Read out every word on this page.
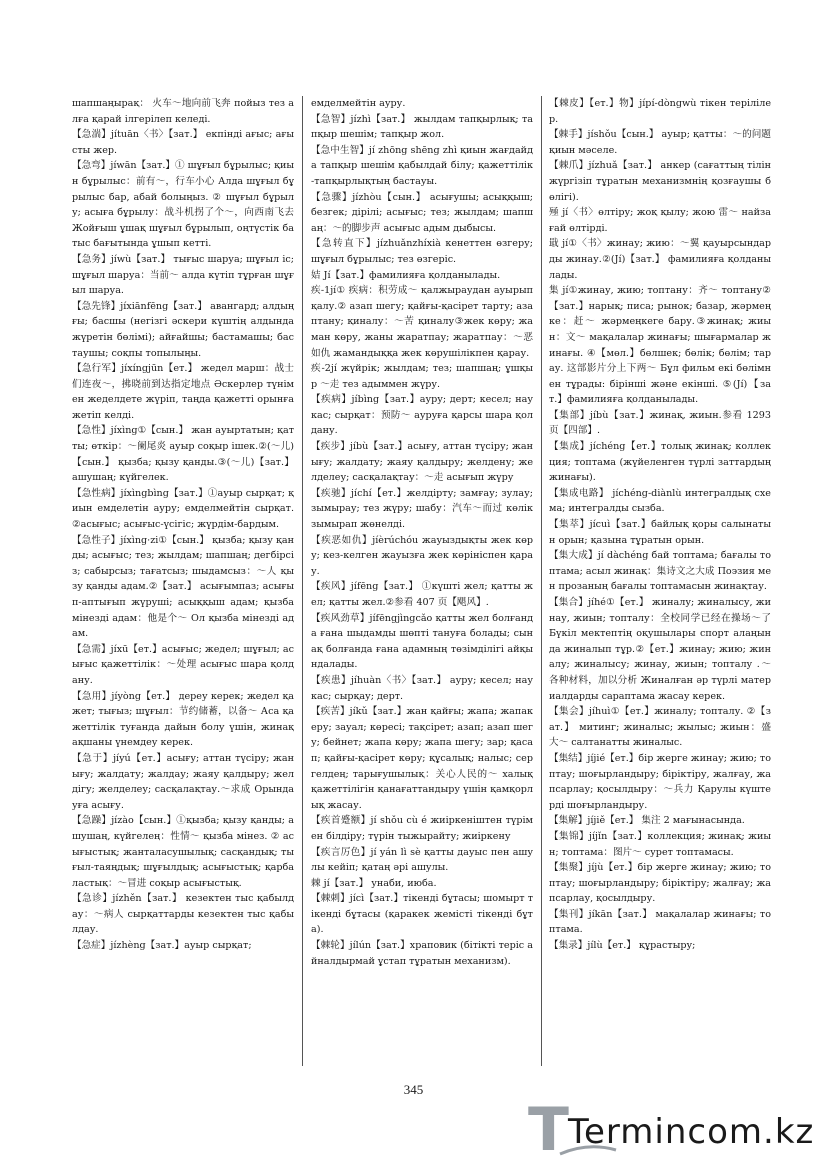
шапшаңырақ： 火车～地向前飞奔 пойыз тез алға қарай ілгерілеп келеді.

【急湍】jítuān〈书〉【зат.】 екпінді ағыс; ағысты жер.

【急弯】jíwān【зат.】① шұғыл бұрылыс; қиын бұрылыс：前有～，行车小心 Алда шұғыл бұрылыс бар, абай болыңыз. ② шұғыл бұрылу; асыға бұрылу：战斗机拐了个～，向西南飞去 Жойғыш ұшақ шұғыл бұрылып, оңтүстік батыс бағытында ұшып кетті.

【急务】jíwù【зат.】 тығыс шаруа; шұғыл іс; шұғыл шаруа：当前～ алда күтіп тұрған шұғыл шаруа.

【急先锋】jíxiānfēng【зат.】 авангард; алдыңғы; басшы (негізгі әскери күштің алдында жүретін бөлімі); айғайшы; бастамашы; бастаушы; соқпы топылыңы.

【急行军】jíxíngjūn【ет.】 жедел марш：战士们连夜～，拂晓前到达指定地点 Әскерлер түнімен жеделдете жүріп, таңда қажетті орынға жетіп келді.

【急性】jíxìng①【сын.】 жан ауыртатын; қатты; өткір：～阑尾炎 ауыр соқыр ішек.②(～儿)【сын.】 қызба; қызу қанды.③(～儿)【зат.】 ашушаң; күйгелек.

【急性病】jíxìngbìng【зат.】①ауыр сырқат; қиын емделетін ауру; емделмейтін сырқат.②асығыс; асығыс-үсігіс; жүрдім-бардым.

【急性子】jíxìng·zi①【сын.】 қызба; қызу қанды; асығыс; тез; жылдам; шапшаң; дегбірсіз; сабырсыз; тағатсыз; шыдамсыз：～人 қызу қанды адам.②【зат.】 асығымпаз; асығып-аптығып жүрушi; асыққыш адам; қызба мінезді адам：他是个～ Ол қызба мінезді адам.

【急需】jíxū【ет.】асығыс; жедел; шұғыл; асығыс қажеттілік：～处理 асығыс шара қолдану.

【急用】jíyòng【ет.】 дереу керек; жедел қажет; тығыз; шұғыл：节约储蓄，以备～ Аса қажеттілік туғанда дайын болу үшін, жинақ ақшаны үнемдеу керек.

【急于】jíyú【ет.】асығу; аттан түсіру; жанығу; жалдату; жалдау; жаяу қалдыру; желдігу; желделеу; сасқалақтау.～求成 Орындауға асығу.

【急躁】jízào【сын.】①қызба; қызу қанды; ашушаң, күйгелең：性情～ қызба мінез. ② асығыстық; жанталасушылық; сасқандық; тығыл-таяңдық; шұғылдық; асығыстық; қарбаластық：～冒进 соқыр асығыстық.

【急诊】jízhěn【зат.】 кезектен тыс қабылдау：～病人 сырқаттарды кезектен тыс қабылдау.

【急症】jízhèng【зат.】ауыр сырқат;

емделмейтін ауру.

【急智】jízhì【зат.】 жылдам тапқырлық; тапқыр шешім; тапқыр жол.

【急中生智】jí zhōng shēng zhì қиын жағдайда тапқыр шешім қабылдай білу; қажеттілік-тапқырлықтың бастауы.

【急骤】jízhòu【сын.】 асығушы; асыққыш; безгек; дірілі; асығыс; тез; жылдам; шапшаң：～的脚步声 асығыс адым дыбысы.

【急转直下】jízhuǎnzhíxià кенеттен өзгеру; шұғыл бұрылыс; тез өзгеріс.

姞 Jí【зат.】фамилияға қолданылады.

疾-1jí① 疾病：积劳成～ қалжыраудан ауырып қалу.② азап шегу; қайғы-қасірет тарту; азаптану; қиналу：～苦 қиналу③жек көру; жаман көру, жаны жаратпау; жаратпау：～恶如仇 жамандыққа жек көрушілікпен қарау.

疾-2jí жүйрік; жылдам; тез; шапшаң; ұшқыр ～走 тез адыммен жүру.

【疾病】jíbìng【зат.】ауру; дерт; кесел; наукас; сырқат：预防～ ауруға қарсы шара қолдану.

【疾步】jíbù【зат.】асығу, аттан түсіру; жанығу; жалдату; жаяу қалдыру; желдену; желделеу; сасқалақтау：～走 асығып жүру

【疾驰】jíchí【ет.】желдірту; замғау; зулау; зымырау; тез жүру; шабу：汽车～而过 көлік зымырап жөнелді.

【疾恶如仇】jíèrúchóu жауыздықты жек көру; кез-келген жауызға жек көрініспен қарау.

【疾风】jífēng【зат.】 ①күшті жел; қатты жел; қатты жел.②参看 407 页【飓风】.

【疾风劲草】jífēngjìngcǎo қатты жел болғанда ғана шыдамды шөпті тануға болады; сынақ болғанда ғана адамның төзімділігі айқындалады.

【疾患】jíhuàn〈书〉【зат.】 ауру; кесел; наукас; сырқау; дерт.

【疾苦】jíkǔ【зат.】жан қайғы; жапа; жапакеру; зауал; көресі; тақсірет; азап; азап шегу; бейнет; жапа көру; жапа шегу; зар; қасап; қайғы-қасірет көру; құсалық; налыс; сергелдең; тарығушылық：关心人民的～ халық қажеттілігін қанағаттандыру үшін қамқорлық жасау.

【疾首蹙额】jí shǒu cù é жиіркеніштен түрімен білдіру; түрін тыжырайту; жиіркену

【疾言厉色】jí yán lì sè қатты дауыс пен ашулы кейіп; қатаң әрі ашулы.

棘 jí【зат.】 унаби, июба.

【棘刺】jícì【зат.】тікенді бұтасы; шомырт тікенді бұтасы (қаракек жемісті тікенді бұта).

【棘轮】jílún【зат.】храповик (бітікті теріс айналдырмай ұстап тұратын механизм).

【棘皮】【ет.】物】jípí-dòngwù тікен терілілер.

【棘手】jíshǒu【сын.】 ауыр; қатты：～的问题 қиын мәселе.

【棘爪】jízhuǎ【зат.】 анкер (сағаттың тілін жүргізіп тұратын механизмнің қозғаушы бөлігі).

殛 jí〈书〉өлтіру; жоқ қылу; жою 雷～ найзағай өлтірді.

戢 jí①〈书〉жинау; жию：～翼 қауырсындарды жинау.②(Jí)【зат.】 фамилияға қолданылады.

集 jí①жинау, жию; топтану：齐～ топтану②【зат.】нарық; писа; рынок; базар, жәрмеңке：赶～ жәрмеңкеге бару.③жинақ; жиын：文～ мақалалар жинағы; шығармалар жинағы. ④【мөл.】бөлшек; бөлік; бөлім; тарау. 这部影片分上下两～ Бұл фильм екі бөлімнен тұрады: бірінші және екінші. ⑤(Jí)【зат.】фамилияға қолданылады.

【集部】jíbù【зат.】жинақ, жиын.参看 1293 页【四部】.

【集成】jíchéng【ет.】толық жинақ; коллекция; топтама (жүйеленген түрлі заттардың жинағы).

【集成电路】 jíchéng-diànlù интегралдық схема; интегралды сызба.

【集萃】jícuì【зат.】байлық қоры салынатын орын; қазына тұратын орын.

【集大成】jí dàchéng бай топтама; бағалы топтама; асыл жинақ：集诗文之大成 Поэзия мен прозаның бағалы топтамасын жинақтау.

【集合】jíhé①【ет.】 жиналу; жиналысу, жинау, жиын; топталу：全校同学已经在操场～了 Бүкіл мектептің оқушылары спорт алаңында жиналып тұр.②【ет.】жинау; жию; жиналу; жиналысу; жинау, жиын; топталу .～各种材料，加以分析 Жиналған әр түрлі материалдарды сараптама жасау керек.

【集会】jíhuì①【ет.】жиналу; топталу. ②【зат.】 митинг; жиналыс; жылыс; жиын：盛大～ салтанатты жиналыс.

【集结】jíjié【ет.】бір жерге жинау; жию; топтау; шоғырландыру; біріктіру, жалғау, жапсарлау; қосылдыру：～兵力 Қарулы күштерді шоғырландыру.

【集解】jíjiě【ет.】 集注 2 мағынасында.

【集锦】jíjǐn【зат.】коллекция; жинақ; жиын; топтама：图片～ сурет топтамасы.

【集聚】jíjù【ет.】бір жерге жинау; жию; топтау; шоғырландыру; біріктіру; жалғау; жапсарлау, қосылдыру.

【集刊】jíkān【зат.】 мақалалар жинағы; топтама.

【集录】jílù【ет.】 құрастыру;

345
T Termincom.kz
